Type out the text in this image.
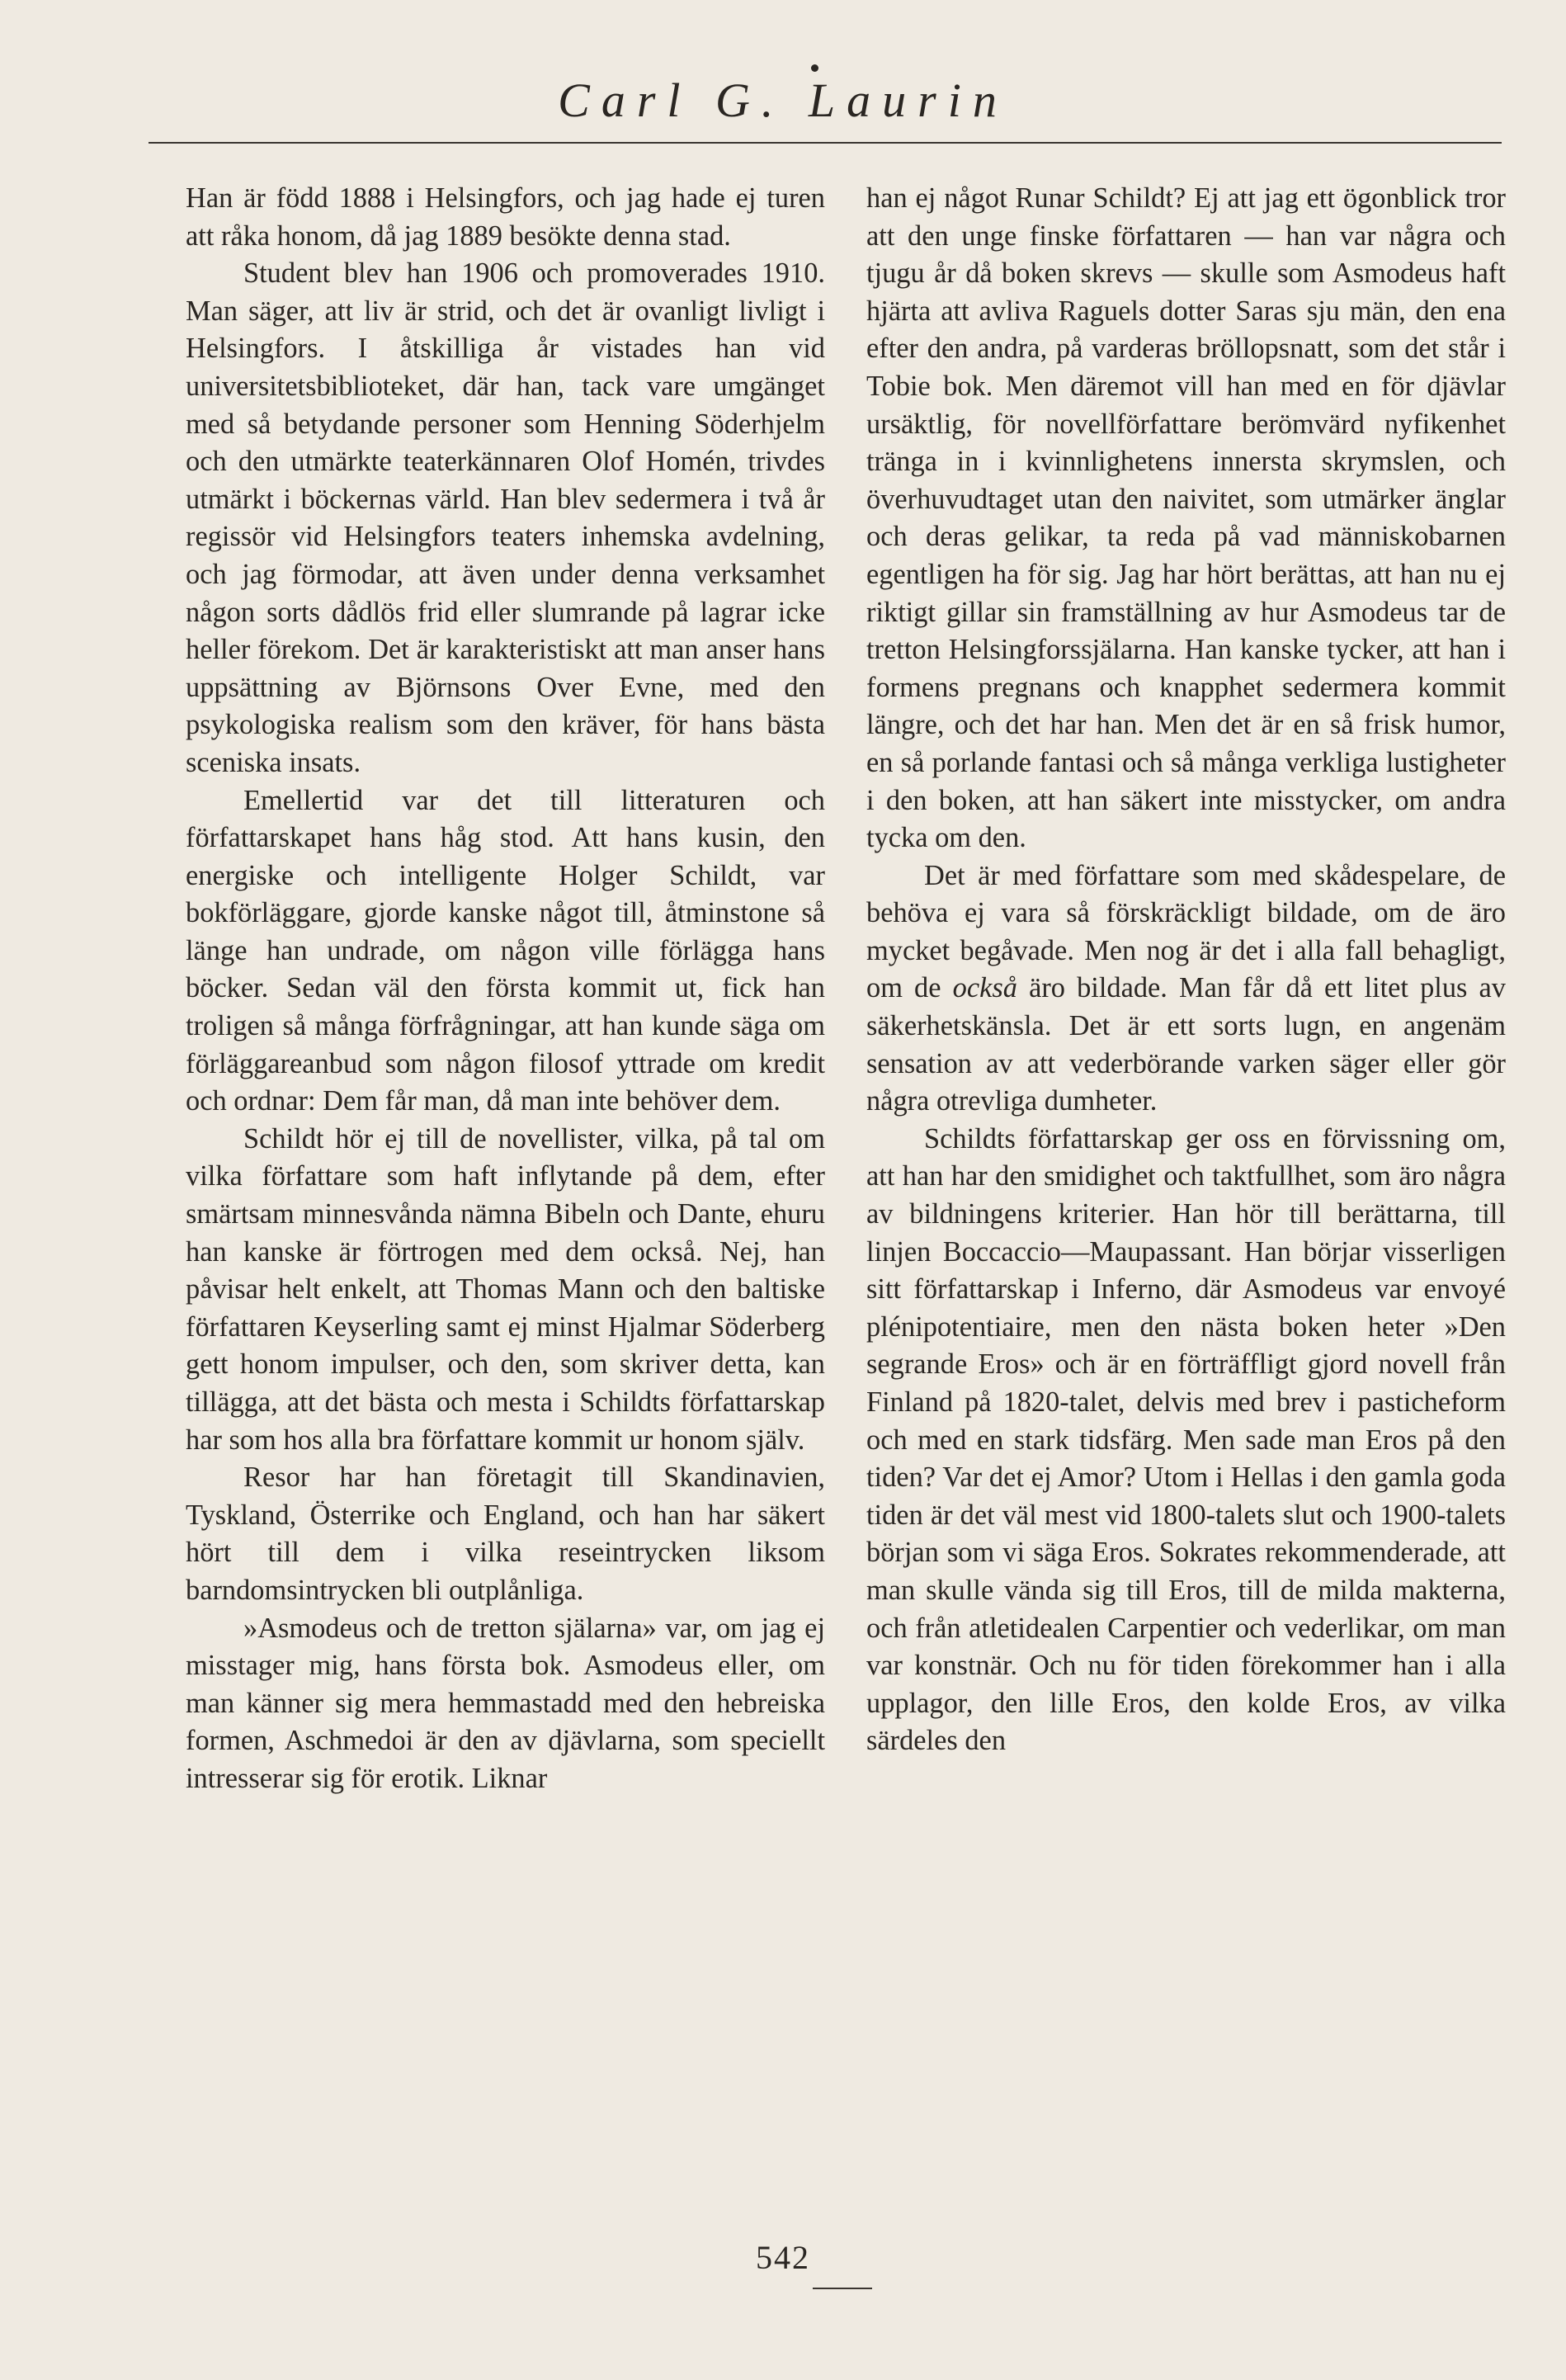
Carl G. Laurin

Han är född 1888 i Helsingfors, och jag hade ej turen att råka honom, då jag 1889 besökte denna stad.

Student blev han 1906 och promoverades 1910. Man säger, att liv är strid, och det är ovanligt livligt i Helsingfors. I åtskilliga år vistades han vid universitetsbiblioteket, där han, tack vare umgänget med så betydande personer som Henning Söderhjelm och den utmärkte teaterkännaren Olof Homén, trivdes utmärkt i böckernas värld. Han blev sedermera i två år regissör vid Helsingfors teaters inhemska avdelning, och jag förmodar, att även under denna verksamhet någon sorts dådlös frid eller slumrande på lagrar icke heller förekom. Det är karakteristiskt att man anser hans uppsättning av Björnsons Over Evne, med den psykologiska realism som den kräver, för hans bästa sceniska insats.

Emellertid var det till litteraturen och författarskapet hans håg stod. Att hans kusin, den energiske och intelligente Holger Schildt, var bokförläggare, gjorde kanske något till, åtminstone så länge han undrade, om någon ville förlägga hans böcker. Sedan väl den första kommit ut, fick han troligen så många förfrågningar, att han kunde säga om förläggareanbud som någon filosof yttrade om kredit och ordnar: Dem får man, då man inte behöver dem.

Schildt hör ej till de novellister, vilka, på tal om vilka författare som haft inflytande på dem, efter smärtsam minnesvånda nämna Bibeln och Dante, ehuru han kanske är förtrogen med dem också. Nej, han påvisar helt enkelt, att Thomas Mann och den baltiske författaren Keyserling samt ej minst Hjalmar Söderberg gett honom impulser, och den, som skriver detta, kan tillägga, att det bästa och mesta i Schildts författarskap har som hos alla bra författare kommit ur honom själv.

Resor har han företagit till Skandinavien, Tyskland, Österrike och England, och han har säkert hört till dem i vilka reseintrycken liksom barndomsintrycken bli outplånliga.

»Asmodeus och de tretton själarna» var, om jag ej misstager mig, hans första bok. Asmodeus eller, om man känner sig mera hemmastadd med den hebreiska formen, Aschmedoi är den av djävlarna, som speciellt intresserar sig för erotik. Liknar

han ej något Runar Schildt? Ej att jag ett ögonblick tror att den unge finske författaren — han var några och tjugu år då boken skrevs — skulle som Asmodeus haft hjärta att avliva Raguels dotter Saras sju män, den ena efter den andra, på varderas bröllopsnatt, som det står i Tobie bok. Men däremot vill han med en för djävlar ursäktlig, för novellförfattare berömvärd nyfikenhet tränga in i kvinnlighetens innersta skrymslen, och överhuvudtaget utan den naivitet, som utmärker änglar och deras gelikar, ta reda på vad människobarnen egentligen ha för sig. Jag har hört berättas, att han nu ej riktigt gillar sin framställning av hur Asmodeus tar de tretton Helsingforssjälarna. Han kanske tycker, att han i formens pregnans och knapphet sedermera kommit längre, och det har han. Men det är en så frisk humor, en så porlande fantasi och så många verkliga lustigheter i den boken, att han säkert inte misstycker, om andra tycka om den.

Det är med författare som med skådespelare, de behöva ej vara så förskräckligt bildade, om de äro mycket begåvade. Men nog är det i alla fall behagligt, om de också äro bildade. Man får då ett litet plus av säkerhetskänsla. Det är ett sorts lugn, en angenäm sensation av att vederbörande varken säger eller gör några otrevliga dumheter.

Schildts författarskap ger oss en förvissning om, att han har den smidighet och taktfullhet, som äro några av bildningens kriterier. Han hör till berättarna, till linjen Boccaccio—Maupassant. Han börjar visserligen sitt författarskap i Inferno, där Asmodeus var envoyé plénipotentiaire, men den nästa boken heter »Den segrande Eros» och är en förträffligt gjord novell från Finland på 1820-talet, delvis med brev i pasticheform och med en stark tidsfärg. Men sade man Eros på den tiden? Var det ej Amor? Utom i Hellas i den gamla goda tiden är det väl mest vid 1800-talets slut och 1900-talets början som vi säga Eros. Sokrates rekommenderade, att man skulle vända sig till Eros, till de milda makterna, och från atletidealen Carpentier och vederlikar, om man var konstnär. Och nu för tiden förekommer han i alla upplagor, den lille Eros, den kolde Eros, av vilka särdeles den

542
